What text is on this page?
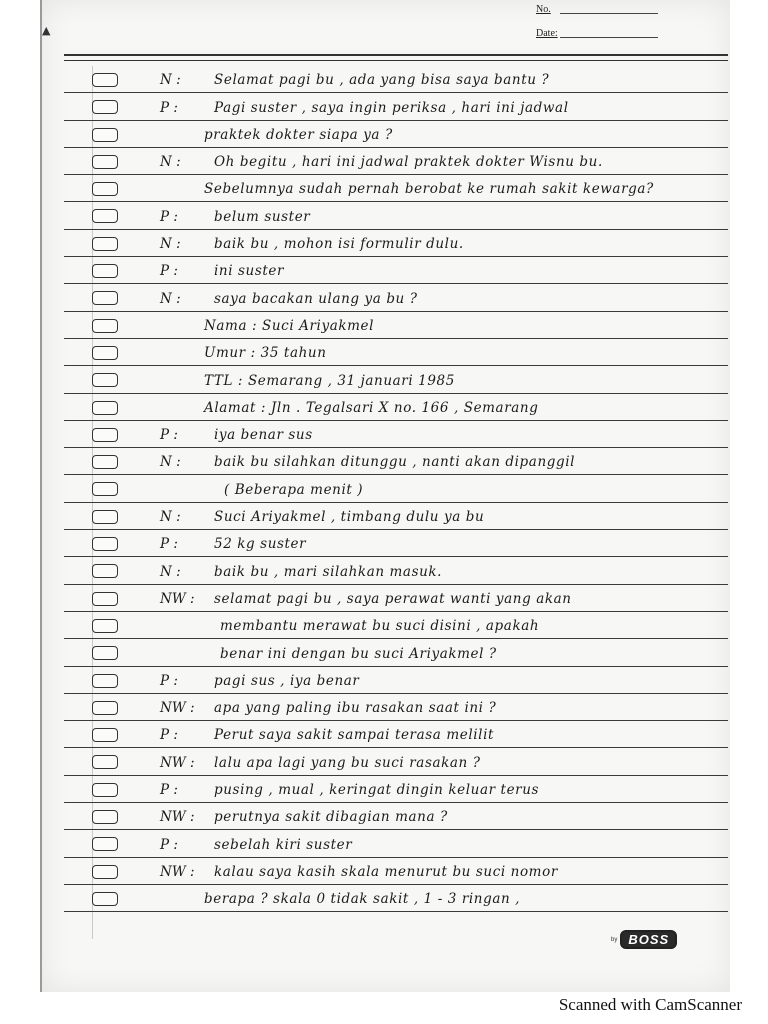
▲
No.
Date:
N : Selamat pagi bu , ada yang bisa saya bantu ?
P :	Pagi suster , saya ingin periksa , hari ini jadwal
praktek dokter siapa ya ?
N : Oh begitu , hari ini jadwal praktek dokter Wisnu bu.
Sebelumnya sudah pernah berobat ke rumah sakit kewarga?
P :	belum suster
N : baik bu , mohon isi formulir dulu.
P :	ini suster
N : saya bacakan ulang ya bu ?
Nama : Suci Ariyakmel
Umur : 35 tahun
TTL : Semarang , 31 januari 1985
Alamat : Jln . Tegalsari X no. 166 , Semarang
P :	iya benar sus
N : baik bu silahkan ditunggu , nanti akan dipanggil
( Beberapa menit )
N : Suci Ariyakmel , timbang dulu ya bu
P :	52 kg suster
N : baik bu , mari silahkan masuk.
NW : selamat pagi bu , saya perawat wanti yang akan
membantu merawat bu suci disini , apakah
benar ini dengan bu suci Ariyakmel ?
P :	pagi sus , iya benar
NW : apa yang paling ibu rasakan saat ini ?
P :	Perut saya sakit sampai terasa melilit
NW : lalu apa lagi yang bu suci rasakan ?
P :	pusing , mual , keringat dingin keluar terus
NW : perutnya sakit dibagian mana ?
P :	sebelah kiri suster
NW : kalau saya kasih skala menurut bu suci nomor
berapa ? skala 0 tidak sakit , 1 - 3 ringan ,
by BOSS
Scanned with CamScanner
